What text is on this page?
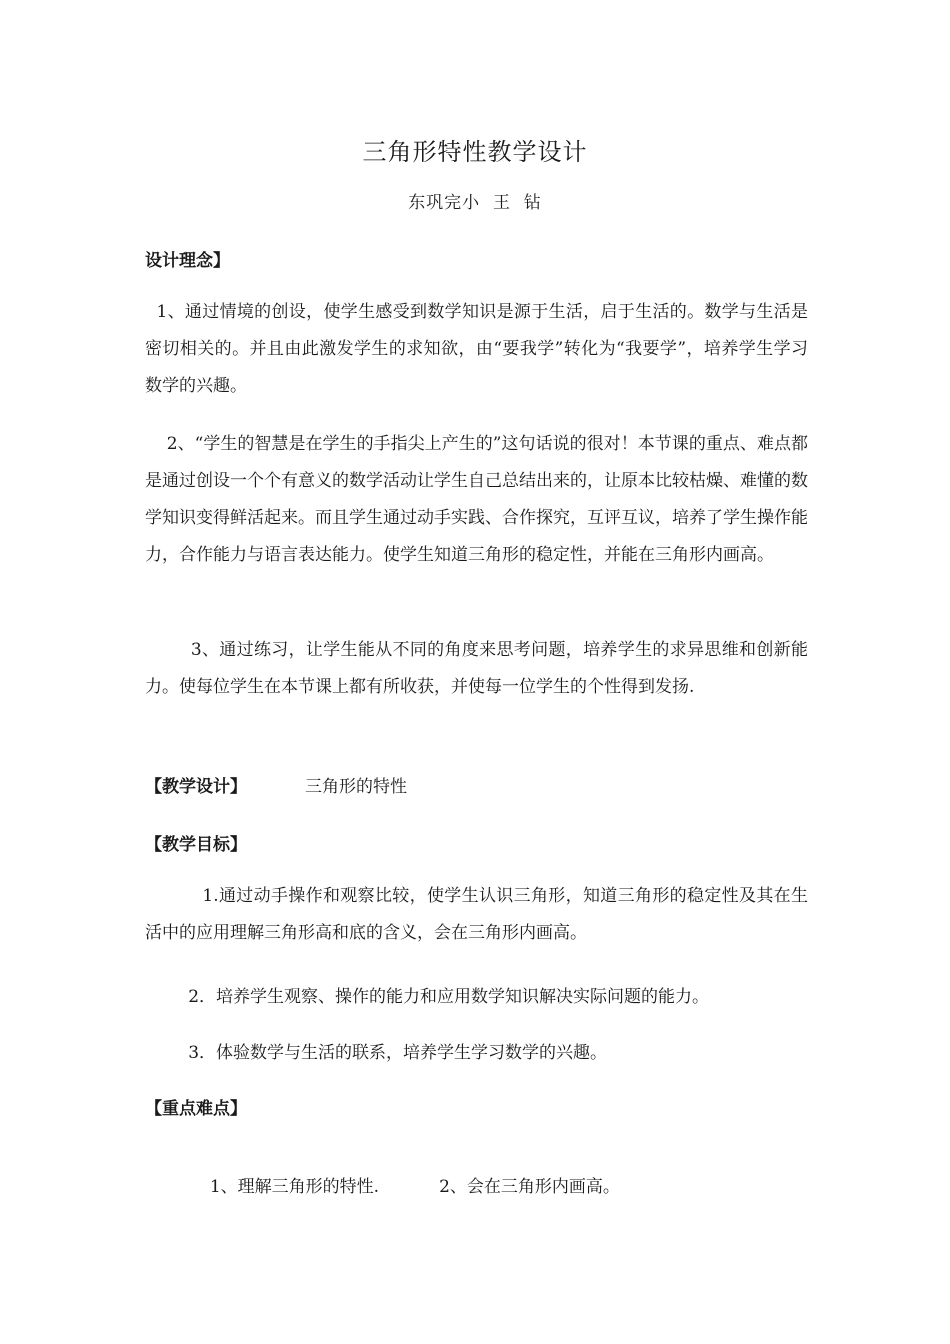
三角形特性教学设计
东巩完小  王  钻
设计理念】
1、通过情境的创设，使学生感受到数学知识是源于生活，启于生活的。数学与生活是密切相关的。并且由此激发学生的求知欲，由“要我学”转化为“我要学”，培养学生学习数学的兴趣。
2、“学生的智慧是在学生的手指尖上产生的”这句话说的很对！本节课的重点、难点都是通过创设一个个有意义的数学活动让学生自己总结出来的，让原本比较枯燥、难懂的数学知识变得鲜活起来。而且学生通过动手实践、合作探究，互评互议，培养了学生操作能力，合作能力与语言表达能力。使学生知道三角形的稳定性，并能在三角形内画高。
3、通过练习，让学生能从不同的角度来思考问题，培养学生的求异思维和创新能力。使每位学生在本节课上都有所收获，并使每一位学生的个性得到发扬.
【教学设计】	三角形的特性
【教学目标】
1.通过动手操作和观察比较，使学生认识三角形，知道三角形的稳定性及其在生活中的应用理解三角形高和底的含义，会在三角形内画高。
2．培养学生观察、操作的能力和应用数学知识解决实际问题的能力。
3．体验数学与生活的联系，培养学生学习数学的兴趣。
【重点难点】

1、理解三角形的特性.	2、会在三角形内画高。
